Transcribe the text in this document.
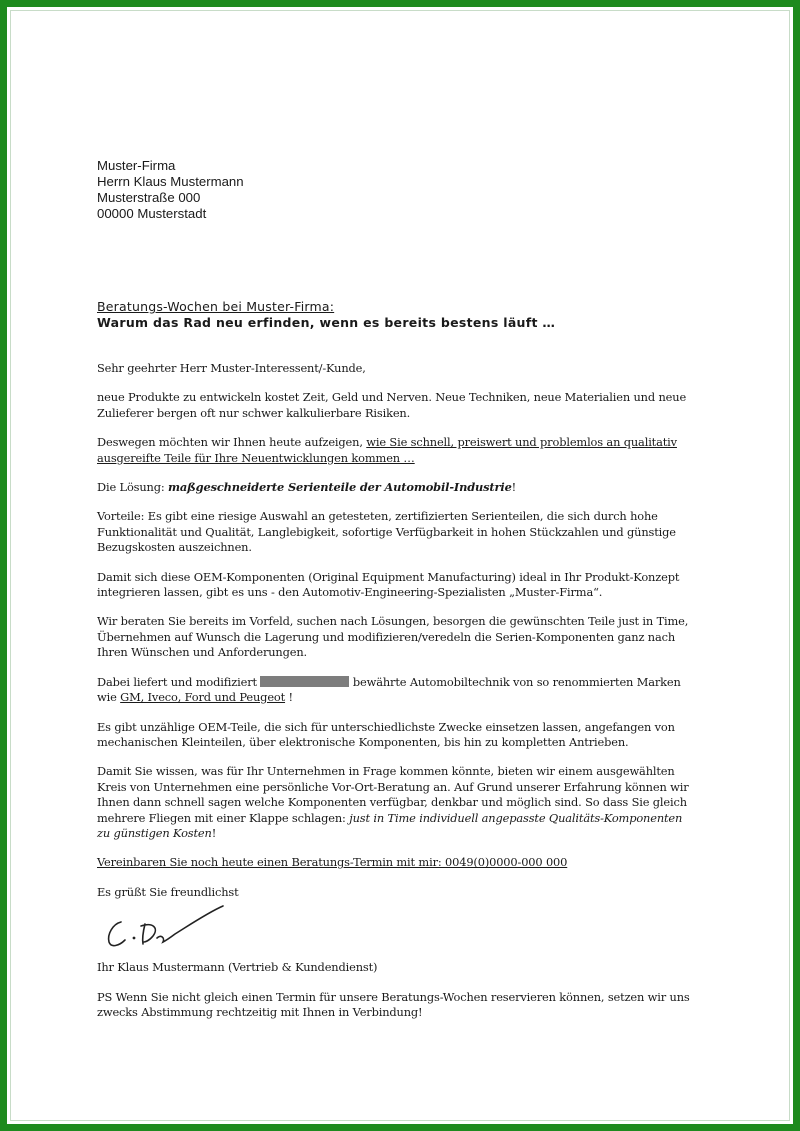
Muster-Firma
Herrn Klaus Mustermann
Musterstraße 000
00000 Musterstadt
Beratungs-Wochen bei Muster-Firma:
Warum das Rad neu erfinden, wenn es bereits bestens läuft …

Sehr geehrter Herr Muster-Interessent/-Kunde,

neue Produkte zu entwickeln kostet Zeit, Geld und Nerven. Neue Techniken, neue Materialien und neue Zulieferer bergen oft nur schwer kalkulierbare Risiken.

Deswegen möchten wir Ihnen heute aufzeigen, wie Sie schnell, preiswert und problemlos an qualitativ ausgereifte Teile für Ihre Neuentwicklungen kommen …

Die Lösung: maßgeschneiderte Serienteile der Automobil-Industrie!

Vorteile: Es gibt eine riesige Auswahl an getesteten, zertifizierten Serienteilen, die sich durch hohe Funktionalität und Qualität, Langlebigkeit, sofortige Verfügbarkeit in hohen Stückzahlen und günstige Bezugskosten auszeichnen.

Damit sich diese OEM-Komponenten (Original Equipment Manufacturing) ideal in Ihr Produkt-Konzept integrieren lassen, gibt es uns - den Automotiv-Engineering-Spezialisten „Muster-Firma“.

Wir beraten Sie bereits im Vorfeld, suchen nach Lösungen, besorgen die gewünschten Teile just in Time, Übernehmen auf Wunsch die Lagerung und modifizieren/veredeln die Serien-Komponenten ganz nach Ihren Wünschen und Anforderungen.

Dabei liefert und modifiziert	bewährte Automobiltechnik von so renommierten Marken wie GM, Iveco, Ford und Peugeot !

Es gibt unzählige OEM-Teile, die sich für unterschiedlichste Zwecke einsetzen lassen, angefangen von mechanischen Kleinteilen, über elektronische Komponenten, bis hin zu kompletten Antrieben.

Damit Sie wissen, was für Ihr Unternehmen in Frage kommen könnte, bieten wir einem ausgewählten Kreis von Unternehmen eine persönliche Vor-Ort-Beratung an. Auf Grund unserer Erfahrung können wir Ihnen dann schnell sagen welche Komponenten verfügbar, denkbar und möglich sind. So dass Sie gleich mehrere Fliegen mit einer Klappe schlagen: just in Time individuell angepasste Qualitäts-Komponenten zu günstigen Kosten!

Vereinbaren Sie noch heute einen Beratungs-Termin mit mir: 0049(0)0000-000 000

Es grüßt Sie freundlichst

Ihr Klaus Mustermann (Vertrieb & Kundendienst)

PS Wenn Sie nicht gleich einen Termin für unsere Beratungs-Wochen reservieren können, setzen wir uns zwecks Abstimmung rechtzeitig mit Ihnen in Verbindung!
